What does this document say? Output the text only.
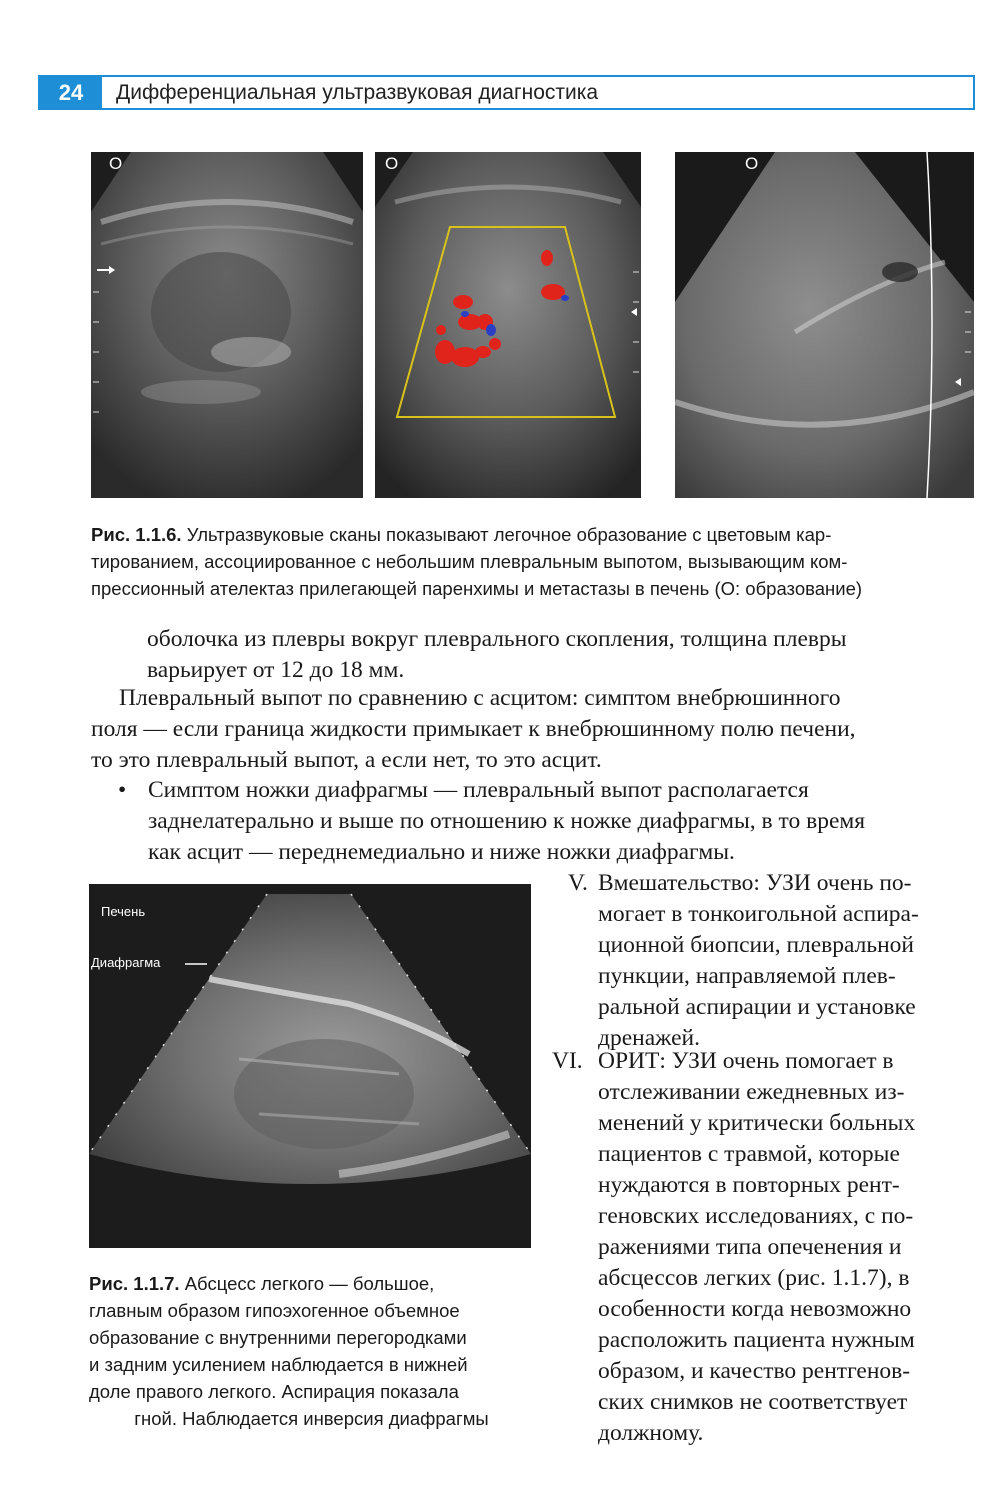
24	Дифференциальная ультразвуковая диагностика
O	O	O
Рис. 1.1.6. Ультразвуковые сканы показывают легочное образование с цветовым кар-
тированием, ассоциированное с небольшим плевральным выпотом, вызывающим ком-
прессионный ателектаз прилегающей паренхимы и метастазы в печень (O: образование)
оболочка из плевры вокруг плеврального скопления, толщина плевры
варьирует от 12 до 18 мм.
Плевральный выпот по сравнению с асцитом: симптом внебрюшинного
поля — если граница жидкости примыкает к внебрюшинному полю печени,
то это плевральный выпот, а если нет, то это асцит.
• Симптом ножки диафрагмы — плевральный выпот располагается
заднелатерально и выше по отношению к ножке диафрагмы, в то время
как асцит — переднемедиально и ниже ножки диафрагмы.
Печень
Диафрагма
Рис. 1.1.7. Абсцесс легкого — большое,
главным образом гипоэхогенное объемное
образование с внутренними перегородками
и задним усилением наблюдается в нижней
доле правого легкого. Аспирация показала
гной. Наблюдается инверсия диафрагмы
V. Вмешательство: УЗИ очень по-
могает в тонкоигольной аспира-
ционной биопсии, плевральной
пункции, направляемой плев-
ральной аспирации и установке
дренажей.
VI. ОРИТ: УЗИ очень помогает в
отслеживании ежедневных из-
менений у критически больных
пациентов с травмой, которые
нуждаются в повторных рент-
геновских исследованиях, с по-
ражениями типа опеченения и
абсцессов легких (рис. 1.1.7), в
особенности когда невозможно
расположить пациента нужным
образом, и качество рентгенов-
ских снимков не соответствует
должному.
